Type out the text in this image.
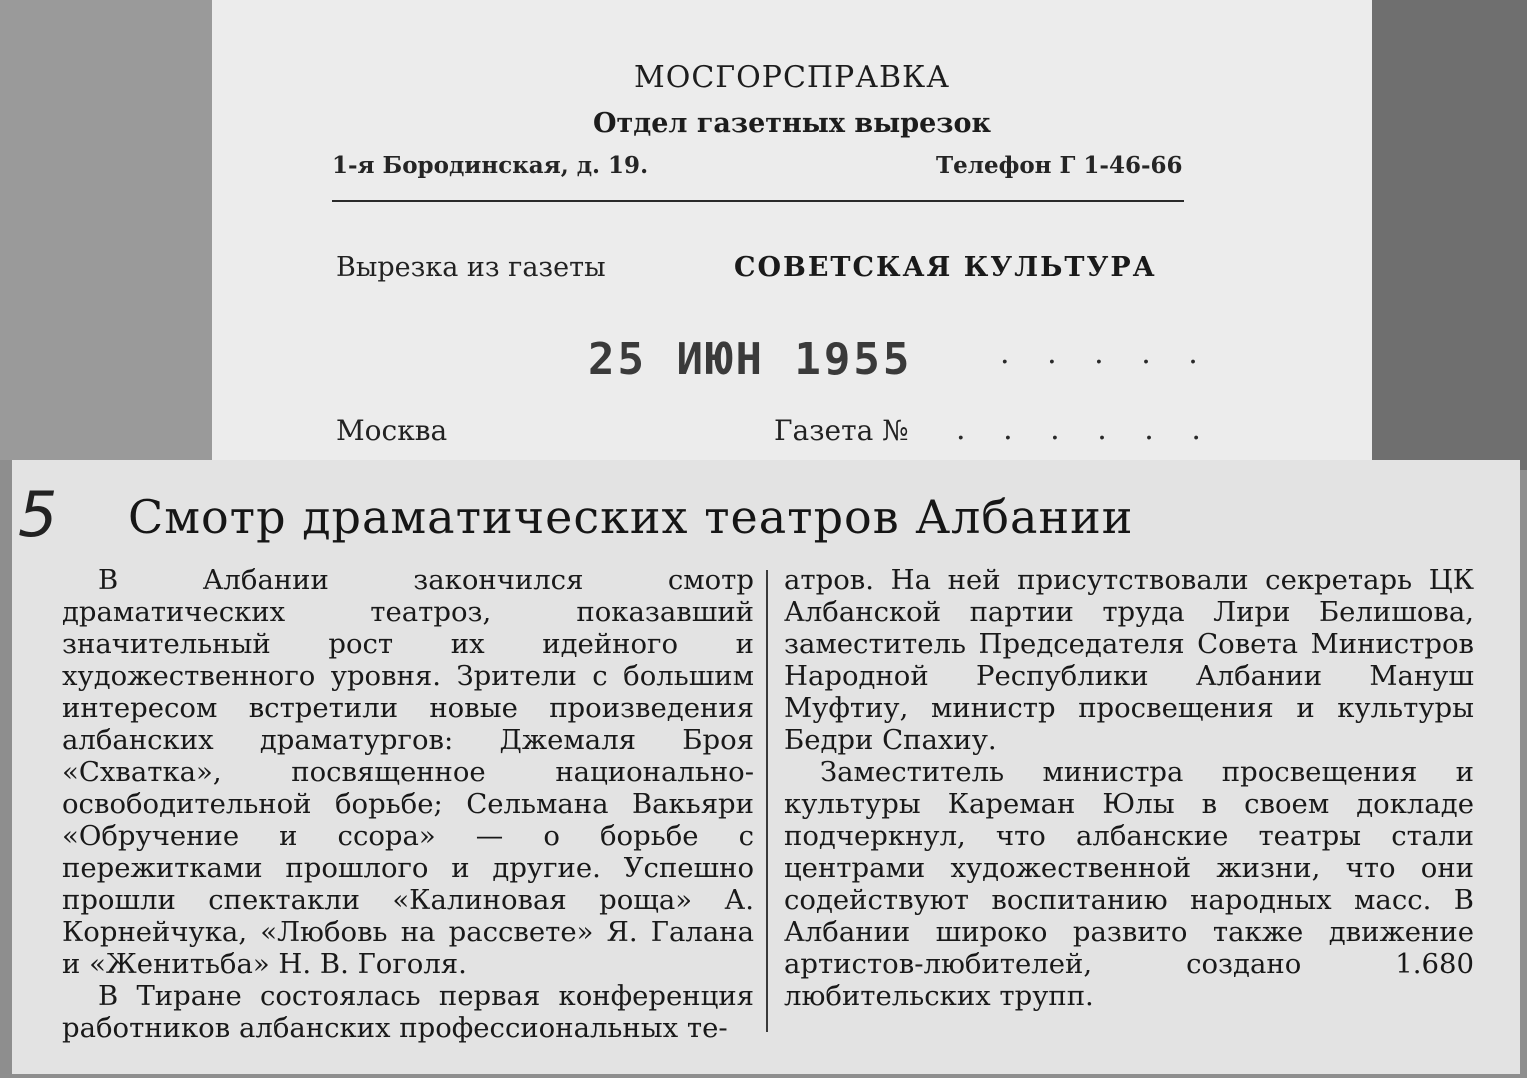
МОСГОРСПРАВКА
Отдел газетных вырезок
1-я Бородинская, д. 19.	Телефон Г 1-46-66
Вырезка из газеты	СОВЕТСКАЯ КУЛЬТУРА
25 ИЮН 1955	. . . . .
Москва	Газета № . . . . . .
5 Смотр драматических театров Албании

В Албании закончился смотр драматических театроз, показавший значительный рост их идейного и художественного уровня. Зрители с большим интересом встретили новые произведения албанских драматургов: Джемаля Броя «Схватка», посвященное национально-освободительной борьбе; Сельмана Вакьяри «Обручение и ссора» — о борьбе с пережитками прошлого и другие. Успешно прошли спектакли «Калиновая роща» А. Корнейчука, «Любовь на рассвете» Я. Галана и «Женитьба» Н. В. Гоголя.

В Тиране состоялась первая конференция работников албанских профессиональных те-

атров. На ней присутствовали секретарь ЦК Албанской партии труда Лири Белишова, заместитель Председателя Совета Министров Народной Республики Албании Мануш Муфтиу, министр просвещения и культуры Бедри Спахиу.

Заместитель министра просвещения и культуры Кареман Юлы в своем докладе подчеркнул, что албанские театры стали центрами художественной жизни, что они содействуют воспитанию народных масс. В Албании широко развито также движение артистов-любителей, создано 1.680 любительских трупп.
